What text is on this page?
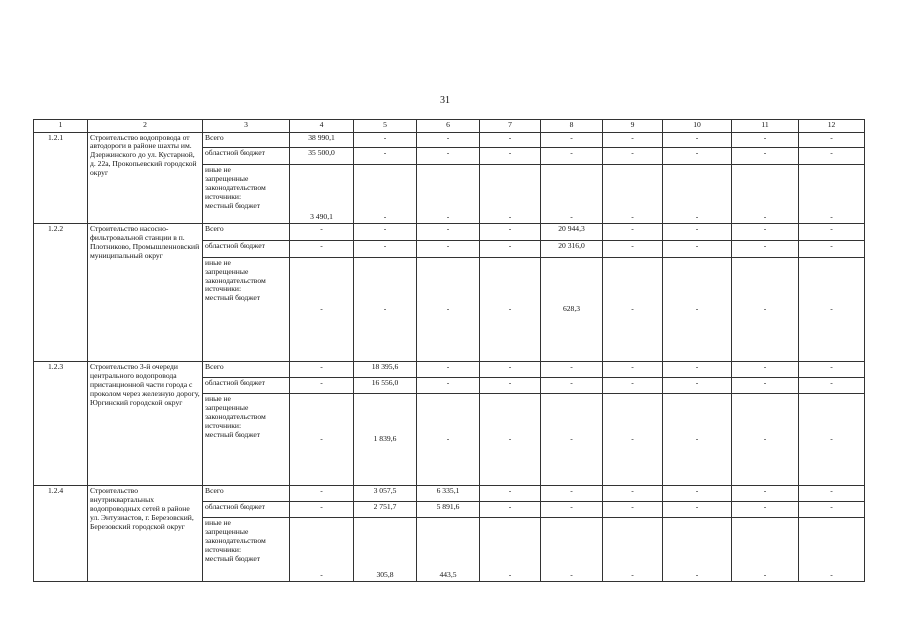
31
1	2	3	4	5	6	7	8	9	10	11	12
1.2.1	Строительство водопровода от автодороги в районе шахты им. Дзержинского до ул. Кустарной, д. 22а, Прокопьевский городской округ	Всего	38 990,1	-	-	-	-	-	-	-	-
		областной бюджет	35 500,0	-	-	-	-	-	-	-	-

		иные не
запрещенные
законодательством
источники:
местный бюджет	3 490,1	-	-	-	-	-	-	-	-
1.2.2	Строительство насосно-фильтровальной станции в п. Плотниково, Промышленновский муниципальный округ	Всего	-	-	-	-	20 944,3	-	-	-	-
		областной бюджет	-	-	-	-	20 316,0	-	-	-	-

		иные не
запрещенные
законодательством
источники:
местный бюджет	-	-	-	-	628,3	-	-	-	-
1.2.3	Строительство 3-й очереди центрального водопровода пристанционной части города с проколом через железную дорогу, Юргинский городской округ	Всего	-	18 395,6	-	-	-	-	-	-	-
		областной бюджет	-	16 556,0	-	-	-	-	-	-	-

		иные не
запрещенные
законодательством
источники:
местный бюджет	-	1 839,6	-	-	-	-	-	-	-
1.2.4	Строительство внутриквартальных водопроводных сетей в районе ул. Энтузиастов, г. Березовский, Березовский городской округ	Всего	-	3 057,5	6 335,1	-	-	-	-	-	-
		областной бюджет	-	2 751,7	5 891,6	-	-	-	-	-	-

		иные не
запрещенные
законодательством
источники:
местный бюджет	-	305,8	443,5	-	-	-	-	-	-
